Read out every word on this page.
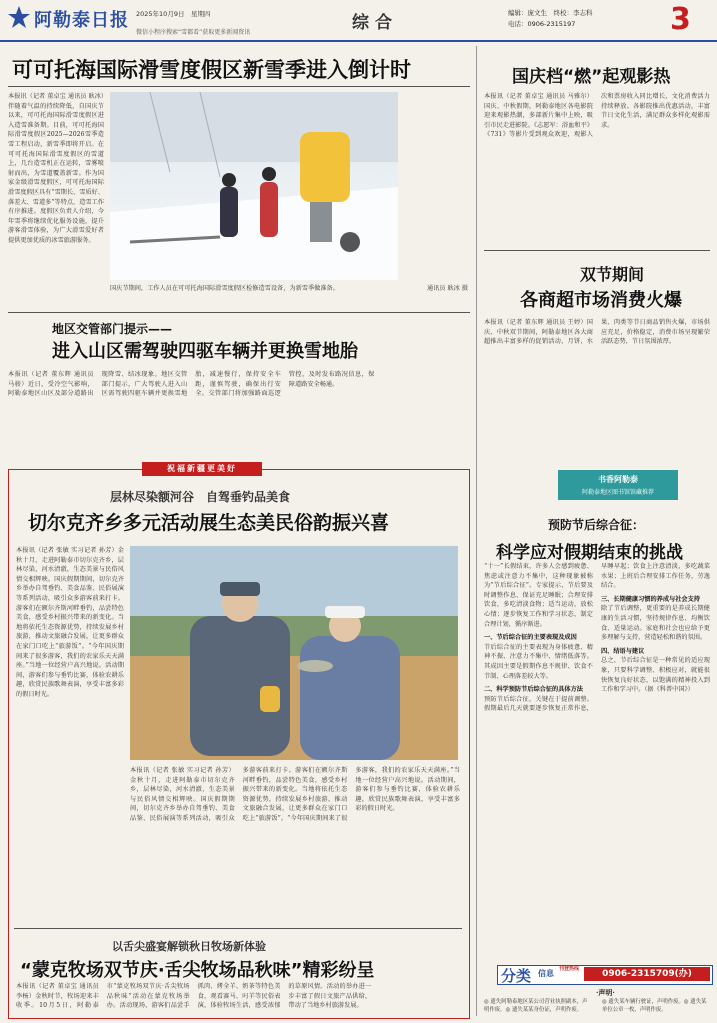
阿勒泰日报 2025年10月9日　星期四
微信小程序搜索“雪都看”获取更多新闻资讯	综合	编辑：庞文生　终校：李志科
电话：0906-2315197	3
可可托海国际滑雪度假区新雪季进入倒计时
本报讯（记者 董卓宝 通讯员 耿冰）伴随着气温的持续降低，自国庆节以来，可可托海国际滑雪度假区进入造雪准备期。目前，可可托海国际滑雪度假区2025—2026雪季造雪工程启动，新雪季即将开启。在可可托海国际滑雪度假区的雪道上，几台造雪机正在运转，雪雾喷射而出，为雪道覆盖新雪。作为国家金级滑雪度假区，可可托海国际滑雪度假区具有“雪期长、雪质好、落差大、雪道多”等特点，造雪工作有序推进。度假区负责人介绍，今年雪季将继续优化服务设施，提升游客滑雪体验，为广大滑雪爱好者提供更加优质的冰雪旅游服务。
国庆节期间，工作人员在可可托海国际滑雪度假区检修造雪设备，为新雪季做准备。	通讯员 耿冰 摄
地区交管部门提示——
进入山区需驾驶四驱车辆并更换雪地胎
本报讯（记者 董东辉 通讯员 马骏）近日，受冷空气影响，阿勒泰地区山区及部分道路出现降雪、结冰现象。地区交管部门提示，广大驾驶人进入山区需驾驶四驱车辆并更换雪地胎，减速慢行，保持安全车距，谨慎驾驶，确保出行安全。交管部门将加强路面巡逻管控，及时发布路况信息，保障道路安全畅通。
国庆档“燃”起观影热
本报讯（记者 董卓宝 通讯员 马雅尔）国庆、中秋假期，阿勒泰地区各电影院迎来观影热潮，多部新片集中上映，吸引市民走进影院。《志愿军：浴血和平》《731》等影片受到观众欢迎，观影人次和票房收入同比增长，文化消费活力持续释放。各影院推出优惠活动，丰富节日文化生活，满足群众多样化观影需求。
双节期间
各商超市场消费火爆
本报讯（记者 董东辉 通讯员 王婷）国庆、中秋双节期间，阿勒泰地区各大商超推出丰富多样的促销活动，月饼、水果、肉类等节日商品销售火爆，市场供应充足，价格稳定，消费市场呈现繁荣活跃态势，节日氛围浓厚。
祝福新疆更美好
层林尽染额河谷　自驾垂钓品美食
切尔克齐乡多元活动展生态美民俗韵振兴喜
本报讯（记者 张敏 实习记者 孙芳）金秋十月，走进阿勒泰市切尔克齐乡，层林尽染，河水清澈，生态美景与民俗风情交相辉映。国庆假期期间，切尔克齐乡举办自驾垂钓、美食品鉴、民俗展演等系列活动，吸引众多游客前来打卡。游客们在额尔齐斯河畔垂钓，品尝特色美食，感受乡村振兴带来的新变化。当地将依托生态资源优势，持续发展乡村旅游，推动文旅融合发展，让更多群众在家门口吃上“旅游饭”。“今年国庆期间来了很多游客，我们的农家乐天天满座。”当地一位经营户高兴地说。活动期间，游客们参与垂钓比赛，体验农耕乐趣，欣赏民族歌舞表演，享受丰富多彩的假日时光。
本报讯（记者 张敏 实习记者 孙芳）金秋十月，走进阿勒泰市切尔克齐乡，层林尽染，河水清澈，生态美景与民俗风情交相辉映。国庆假期期间，切尔克齐乡举办自驾垂钓、美食品鉴、民俗展演等系列活动，吸引众多游客前来打卡。游客们在额尔齐斯河畔垂钓，品尝特色美食，感受乡村振兴带来的新变化。当地将依托生态资源优势，持续发展乡村旅游，推动文旅融合发展，让更多群众在家门口吃上“旅游饭”。“今年国庆期间来了很多游客，我们的农家乐天天满座。”当地一位经营户高兴地说。活动期间，游客们参与垂钓比赛，体验农耕乐趣，欣赏民族歌舞表演，享受丰富多彩的假日时光。
以舌尖盛宴解锁秋日牧场新体验
“蒙克牧场双节庆·舌尖牧场品秋味”精彩纷呈
本报讯（记者 董卓宝 通讯员 李杨）金秋时节，牧场迎来丰收季。10月5日，阿勒泰市“蒙克牧场双节庆·舌尖牧场品秋味”活动在蒙克牧场举办。活动现场，游客们品尝手抓肉、烤全羊、奶茶等特色美食，观看赛马、叼羊等民俗表演，体验牧场生活，感受浓郁的草原风情。活动的举办进一步丰富了假日文旅产品供给，带动了当地乡村旅游发展。
书香阿勒泰
阿勒泰地区图书馆馆藏推荐
预防节后综合征：
科学应对假期结束的挑战

“十一”长假结束，许多人会感到疲惫、焦虑或注意力不集中，这种现象被称为“节后综合征”。专家提示，节后要及时调整作息，保证充足睡眠；合理安排饮食，多吃清淡食物；适当运动，放松心情；逐步恢复工作和学习状态，制定合理计划，循序渐进。

一、节后综合征的主要表现及成因

节后综合征的主要表现为身体疲惫、精神不振、注意力不集中、情绪低落等。其成因主要是假期作息不规律、饮食不节制、心理落差较大等。

二、科学预防节后综合征的具体方法

预防节后综合征，关键在于提前调整。假期最后几天就要逐步恢复正常作息，早睡早起；饮食上注意清淡，多吃蔬菜水果；上班后合理安排工作任务，劳逸结合。

三、长期健康习惯的养成与社会支持

除了节后调整，更重要的是养成长期健康的生活习惯，坚持规律作息、均衡饮食、适量运动。家庭和社会也应给予更多理解与支持，营造轻松和谐的氛围。

四、结语与建议

总之，节后综合征是一种常见的适应现象，只要科学调整、积极应对，就能很快恢复良好状态，以饱满的精神投入到工作和学习中。（据《科普中国》）

分类 信息 刊登热线	0906-2315709(办)
·声明·
◎ 遗失阿勒泰地区某公司营业执照副本，声明作废。◎ 遗失某某身份证，声明作废。
◎ 遗失某车辆行驶证，声明作废。◎ 遗失某单位公章一枚，声明作废。
